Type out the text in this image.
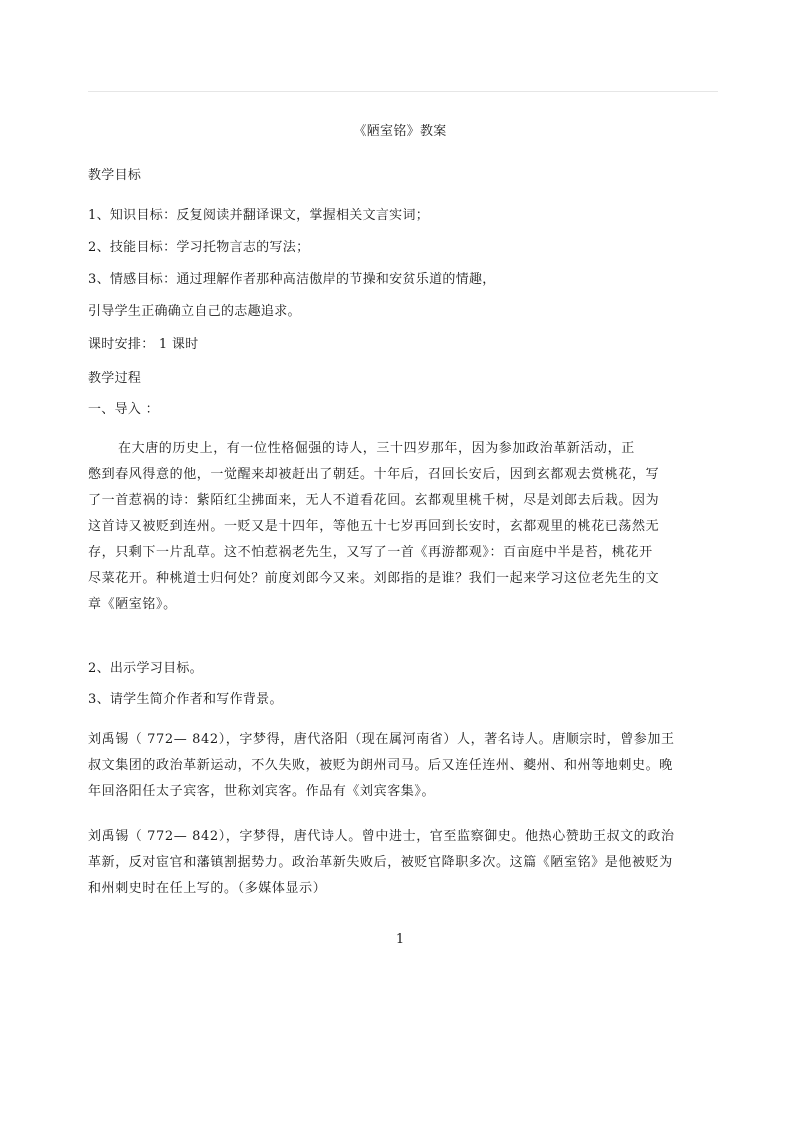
《陋室铭》教案
教学目标
1、知识目标：反复阅读并翻译课文，掌握相关文言实词；
2、技能目标：学习托物言志的写法；
3、情感目标：通过理解作者那种高洁傲岸的节操和安贫乐道的情趣，
引导学生正确确立自己的志趣追求。
课时安排： 1 课时
教学过程
一、导入 ：
在大唐的历史上，有一位性格倔强的诗人，三十四岁那年，因为参加政治革新活动，正
憋到春风得意的他，一觉醒来却被赶出了朝廷。十年后，召回长安后，因到玄都观去赏桃花，写
了一首惹祸的诗：紫陌红尘拂面来，无人不道看花回。玄都观里桃千树，尽是刘郎去后栽。因为
这首诗又被贬到连州。一贬又是十四年，等他五十七岁再回到长安时，玄都观里的桃花已荡然无
存，只剩下一片乱草。这不怕惹祸老先生，又写了一首《再游都观》：百亩庭中半是苔，桃花开
尽菜花开。种桃道士归何处？前度刘郎今又来。刘郎指的是谁？我们一起来学习这位老先生的文
章《陋室铭》。
2、出示学习目标。
3、请学生简介作者和写作背景。
刘禹锡（ 772— 842），字梦得，唐代洛阳（现在属河南省）人，著名诗人。唐顺宗时，曾参加王
叔文集团的政治革新运动，不久失败，被贬为朗州司马。后又连任连州、夔州、和州等地刺史。晚
年回洛阳任太子宾客，世称刘宾客。作品有《刘宾客集》。
刘禹锡（ 772— 842），字梦得，唐代诗人。曾中进士，官至监察御史。他热心赞助王叔文的政治
革新，反对宦官和藩镇割据势力。政治革新失败后，被贬官降职多次。这篇《陋室铭》是他被贬为
和州刺史时在任上写的。（多媒体显示）
1
